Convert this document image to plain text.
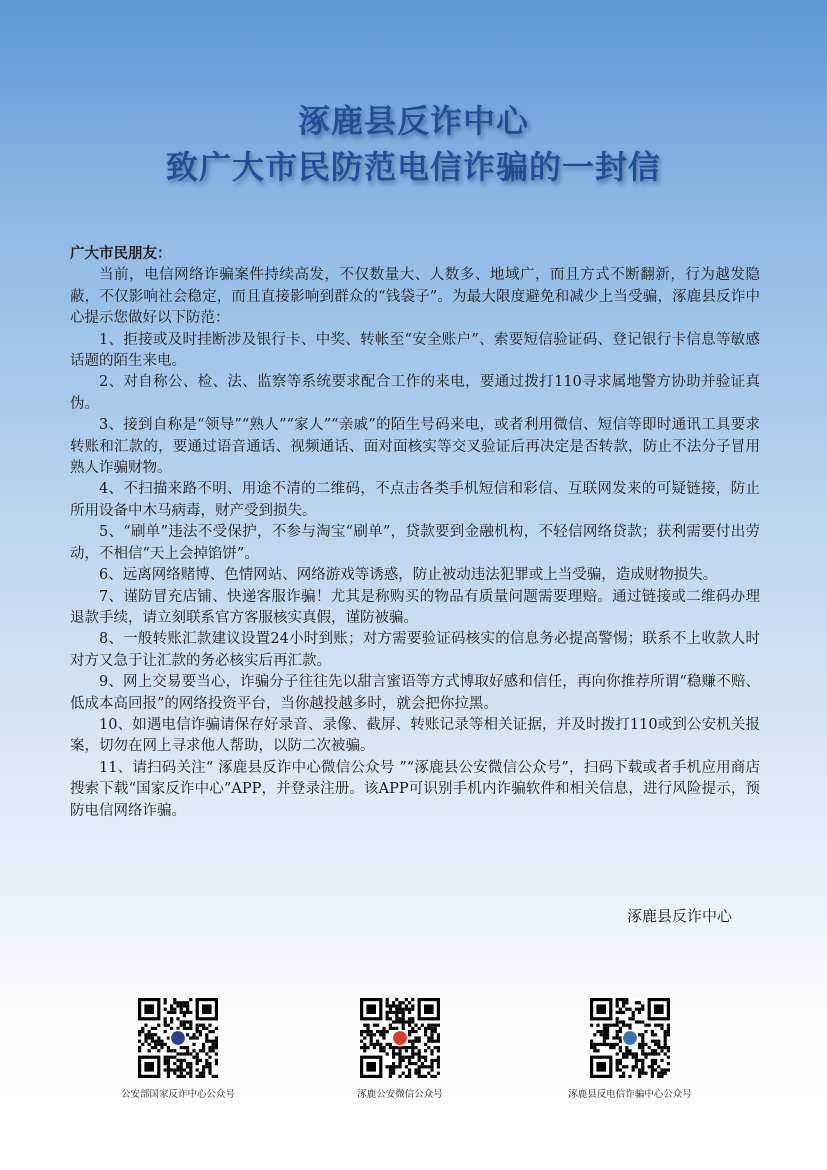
涿鹿县反诈中心
致广大市民防范电信诈骗的一封信

广大市民朋友：

当前，电信网络诈骗案件持续高发，不仅数量大、人数多、地域广，而且方式不断翻新，行为越发隐蔽，不仅影响社会稳定，而且直接影响到群众的“钱袋子”。为最大限度避免和减少上当受骗，涿鹿县反诈中心提示您做好以下防范：

1、拒接或及时挂断涉及银行卡、中奖、转帐至“安全账户”、索要短信验证码、登记银行卡信息等敏感话题的陌生来电。

2、对自称公、检、法、监察等系统要求配合工作的来电，要通过拨打110寻求属地警方协助并验证真伪。

3、接到自称是“领导”“熟人”“家人”“亲戚”的陌生号码来电，或者利用微信、短信等即时通讯工具要求转账和汇款的，要通过语音通话、视频通话、面对面核实等交叉验证后再决定是否转款，防止不法分子冒用熟人诈骗财物。

4、不扫描来路不明、用途不清的二维码，不点击各类手机短信和彩信、互联网发来的可疑链接，防止所用设备中木马病毒，财产受到损失。

5、“刷单”违法不受保护，不参与淘宝“刷单”，贷款要到金融机构，不轻信网络贷款；获利需要付出劳动，不相信“天上会掉馅饼”。

6、远离网络赌博、色情网站、网络游戏等诱惑，防止被动违法犯罪或上当受骗，造成财物损失。

7、谨防冒充店铺、快递客服诈骗！尤其是称购买的物品有质量问题需要理赔。通过链接或二维码办理退款手续，请立刻联系官方客服核实真假，谨防被骗。

8、一般转账汇款建议设置24小时到账；对方需要验证码核实的信息务必提高警惕；联系不上收款人时对方又急于让汇款的务必核实后再汇款。

9、网上交易要当心，诈骗分子往往先以甜言蜜语等方式博取好感和信任，再向你推荐所谓“稳赚不赔、低成本高回报”的网络投资平台，当你越投越多时，就会把你拉黑。

10、如遇电信诈骗请保存好录音、录像、截屏、转账记录等相关证据，并及时拨打110或到公安机关报案，切勿在网上寻求他人帮助，以防二次被骗。

11、请扫码关注“ 涿鹿县反诈中心微信公众号 ”“涿鹿县公安微信公众号”，扫码下载或者手机应用商店搜索下载“国家反诈中心”APP，并登录注册。该APP可识别手机内诈骗软件和相关信息，进行风险提示，预防电信网络诈骗。

涿鹿县反诈中心
公安部国家反诈中心公众号	涿鹿公安微信公众号	涿鹿县反电信诈骗中心公众号
